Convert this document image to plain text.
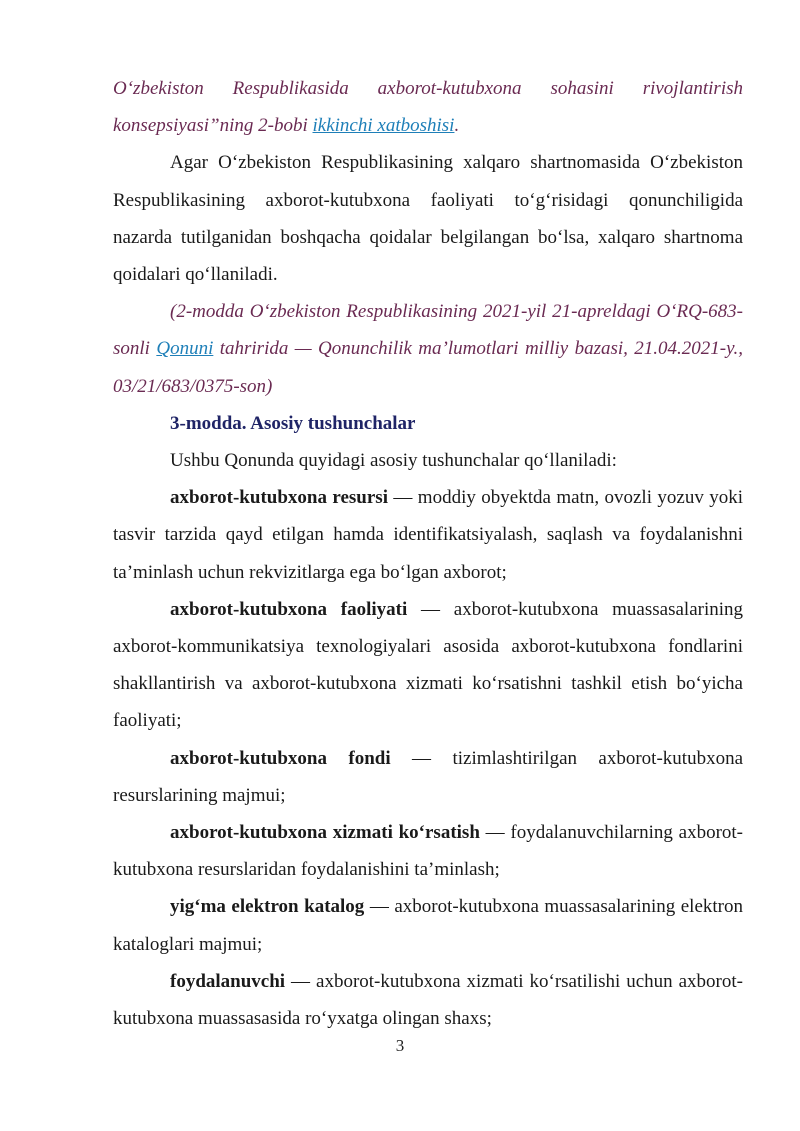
O‘zbekiston Respublikasida axborot-kutubxona sohasini rivojlantirish konsepsiyasi”ning 2-bobi ikkinchi xatboshisi.

Agar O‘zbekiston Respublikasining xalqaro shartnomasida O‘zbekiston Respublikasining axborot-kutubxona faoliyati to‘g‘risidagi qonunchiligida nazarda tutilganidan boshqacha qoidalar belgilangan bo‘lsa, xalqaro shartnoma qoidalari qo‘llaniladi.

(2-modda O‘zbekiston Respublikasining 2021-yil 21-apreldagi O‘RQ-683-sonli Qonuni tahririda — Qonunchilik ma’lumotlari milliy bazasi, 21.04.2021-y., 03/21/683/0375-son)

3-modda. Asosiy tushunchalar

Ushbu Qonunda quyidagi asosiy tushunchalar qo‘llaniladi:

axborot-kutubxona resursi — moddiy obyektda matn, ovozli yozuv yoki tasvir tarzida qayd etilgan hamda identifikatsiyalash, saqlash va foydalanishni ta’minlash uchun rekvizitlarga ega bo‘lgan axborot;

axborot-kutubxona faoliyati — axborot-kutubxona muassasalarining axborot-kommunikatsiya texnologiyalari asosida axborot-kutubxona fondlarini shakllantirish va axborot-kutubxona xizmati ko‘rsatishni tashkil etish bo‘yicha faoliyati;

axborot-kutubxona fondi — tizimlashtirilgan axborot-kutubxona resurslarining majmui;

axborot-kutubxona xizmati ko‘rsatish — foydalanuvchilarning axborot-kutubxona resurslaridan foydalanishini ta’minlash;

yig‘ma elektron katalog — axborot-kutubxona muassasalarining elektron kataloglari majmui;

foydalanuvchi — axborot-kutubxona xizmati ko‘rsatilishi uchun axborot-kutubxona muassasasida ro‘yxatga olingan shaxs;

3
